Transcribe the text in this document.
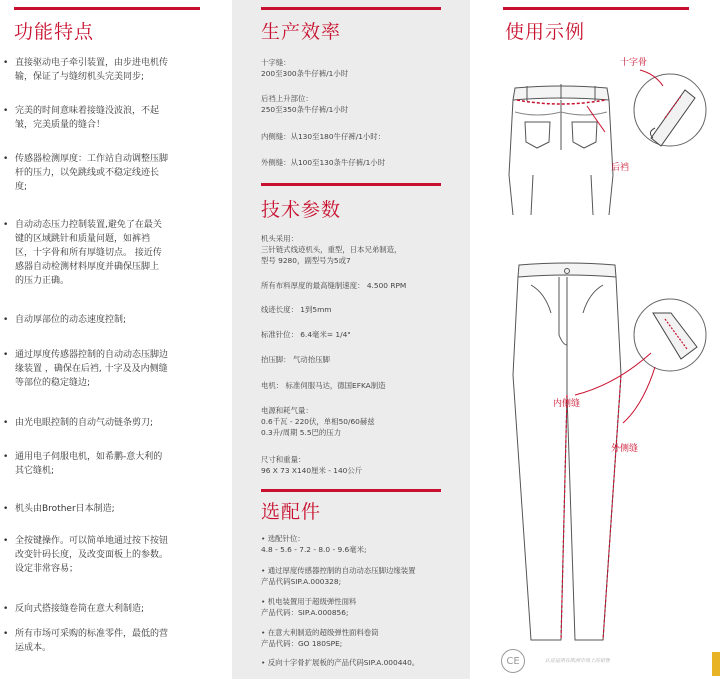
功能特点
• 直接驱动电子牵引装置，由步进电机传
输，保证了与缝纫机头完美同步;
• 完美的时间意味着接缝没波浪，不起
皱，完美质量的缝合！
• 传感器检测厚度：工作站自动调整压脚
杆的压力，以免跳线或不稳定线迹长
度;
• 自动动态压力控制装置,避免了在最关
键的区域跳针和质量问题，如裤裆
区，十字骨和所有厚缝切点。 接近传
感器自动检测材料厚度并确保压脚上
的压力正确。
• 自动厚部位的动态速度控制;
• 通过厚度传感器控制的自动动态压脚边
缘装置 ，确保在后裆, 十字及及内侧缝
等部位的稳定缝边;
• 由光电眼控制的自动气动链条剪刀;
• 通用电子伺服电机，如希鹏-意大利的
其它缝机;
• 机头由Brother日本制造;
• 全按键操作。可以简单地通过按下按钮
改变针码长度，及改变面板上的参数。
设定非常容易；
• 反向式搭接缝卷筒在意大利制造;
• 所有市场可采购的标准零件，最低的营
运成本。
生产效率
十字缝：
200至300条牛仔裤/1小时
后裆上升部位：
250至350条牛仔裤/1小时
内侧缝：从130至180牛仔裤/1小时：
外侧缝：从100至130条牛仔裤/1小时
技术参数
机头采用：
三针链式线迹机头，重型，日本兄弟制造，
型号 9280，副型号为5或7
所有布料厚度的最高缝制速度： 4.500 RPM
线迹长度： 1到5mm
标准针位： 6.4毫米= 1/4"
抬压脚： 气动抬压脚
电机： 标准伺服马达，德国EFKA制造
电源和耗气量：
0.6千瓦 - 220伏，单相50/60赫兹
0.3升/周期 5.5巴的压力
尺寸和重量：
96 X 73 X140厘米 - 140公斤
选配件
• 选配针位：
4.8 - 5.6 - 7.2 - 8.0 - 9.6毫米;
• 通过厚度传感器控制的自动动态压脚边缘装置
产品代码SIP.A.000328;
• 机电装置用于超级弹性面料
产品代码：SIP.A.000856;
• 在意大利制造的超级弹性面料卷筒
产品代码：GO 180SPE;
• 反向十字骨扩展板的产品代码SIP.A.000440。
使用示例
十字骨
后裆
内侧缝
外侧缝
CE	认证适用在欧洲市场上的销售
